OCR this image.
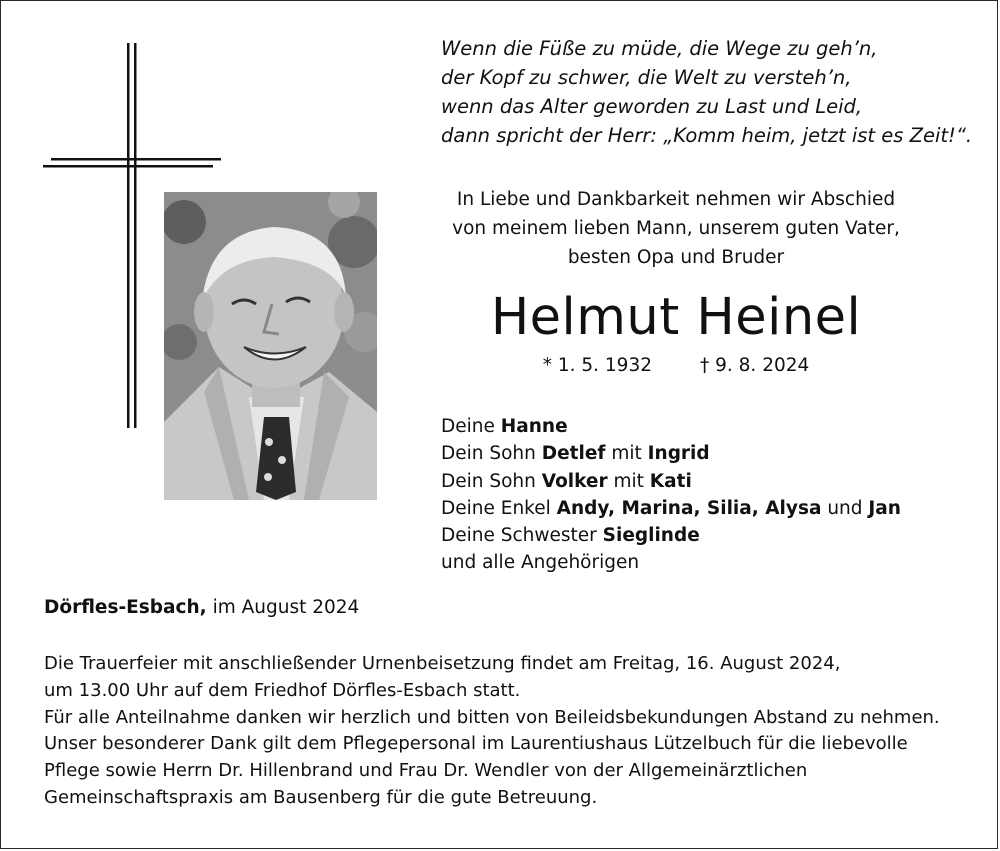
Wenn die Füße zu müde, die Wege zu geh’n,
der Kopf zu schwer, die Welt zu versteh’n,
wenn das Alter geworden zu Last und Leid,
dann spricht der Herr: „Komm heim, jetzt ist es Zeit!“.
In Liebe und Dankbarkeit nehmen wir Abschied
von meinem lieben Mann, unserem guten Vater,
besten Opa und Bruder
Helmut Heinel
* 1. 5. 1932	† 9. 8. 2024
Deine Hanne
Dein Sohn Detlef mit Ingrid
Dein Sohn Volker mit Kati
Deine Enkel Andy, Marina, Silia, Alysa und Jan
Deine Schwester Sieglinde
und alle Angehörigen
Dörfles-Esbach, im August 2024
Die Trauerfeier mit anschließender Urnenbeisetzung findet am Freitag, 16. August 2024,
um 13.00 Uhr auf dem Friedhof Dörfles-Esbach statt.
Für alle Anteilnahme danken wir herzlich und bitten von Beileidsbekundungen Abstand zu nehmen.
Unser besonderer Dank gilt dem Pflegepersonal im Laurentiushaus Lützelbuch für die liebevolle
Pflege sowie Herrn Dr. Hillenbrand und Frau Dr. Wendler von der Allgemeinärztlichen
Gemeinschaftspraxis am Bausenberg für die gute Betreuung.
